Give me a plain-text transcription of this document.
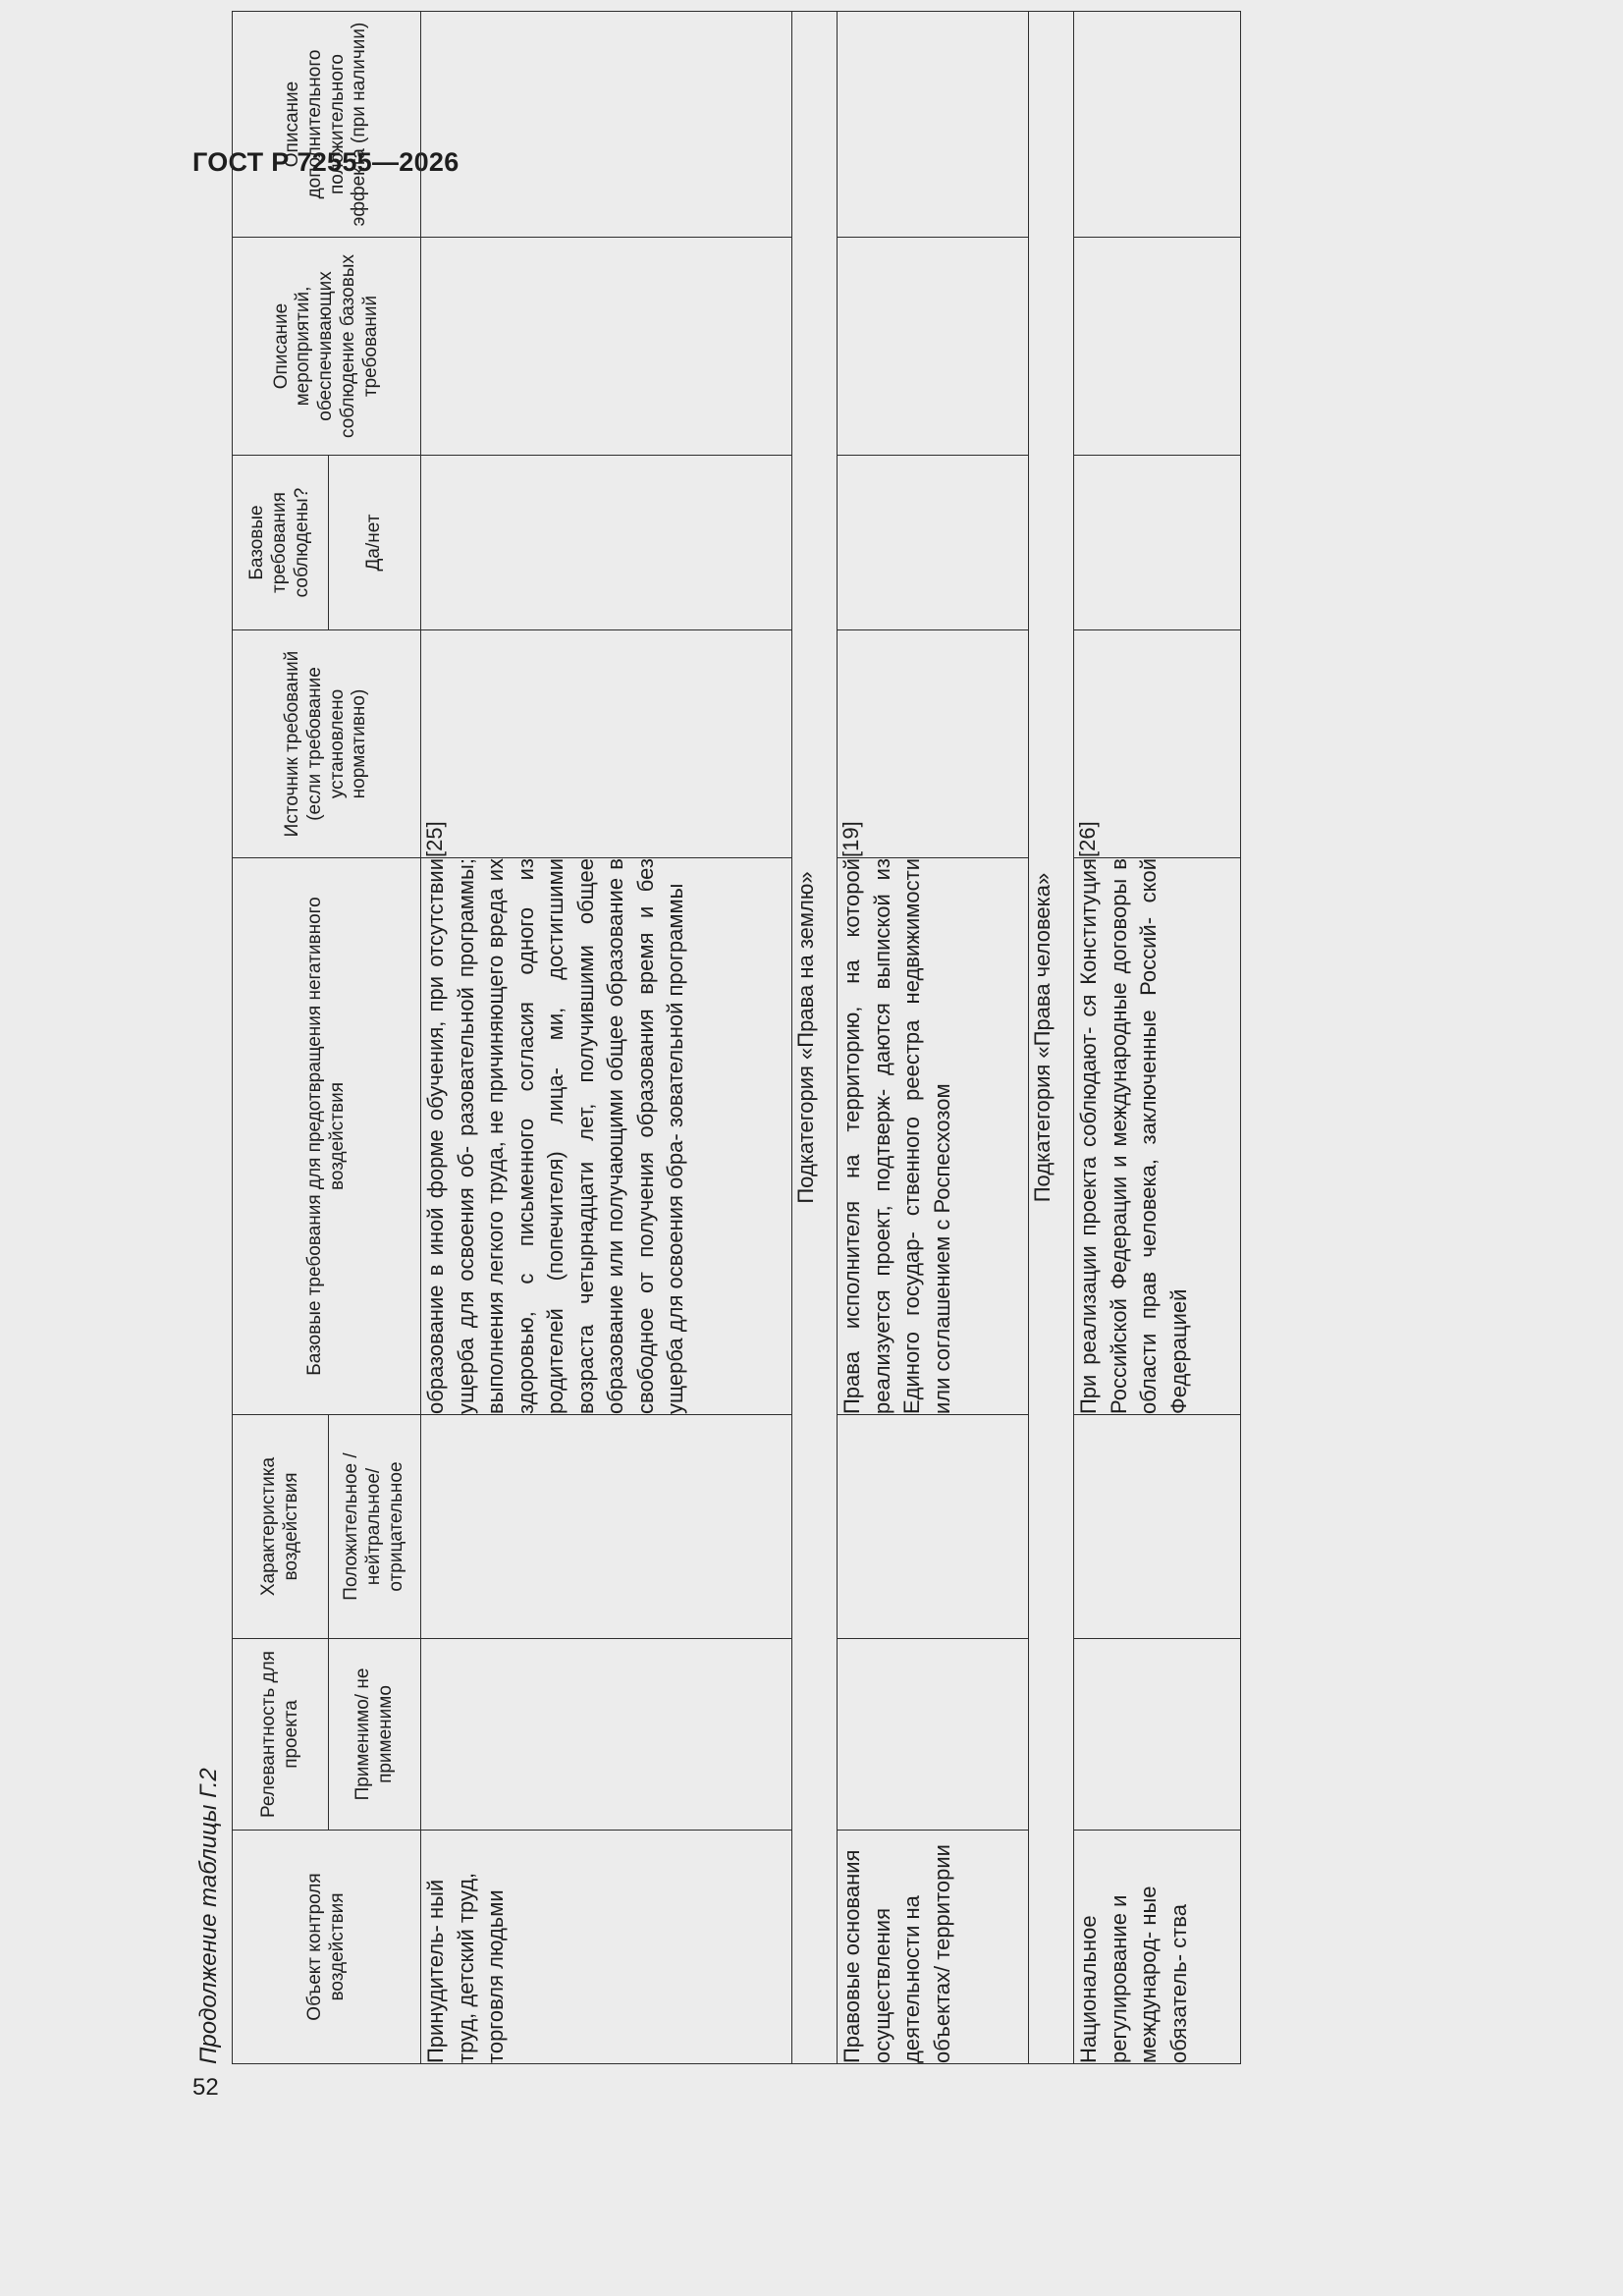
ГОСТ Р 72555—2026
Продолжение таблицы Г.2	Объект контроля воздействия	Релевантность для проекта	Характеристика воздействия	Базовые требования для предотвращения негативного воздействия	Источник требований (если требование установлено нормативно)	Базовые требования соблюдены?	Описание мероприятий, обеспечивающих соблюдение базовых требований	Описание дополнительного положительного эффекта (при наличии)
	Применимо/ не применимо	Положительное /нейтральное/ отрицательное			Да/нет		
Принудитель- ный труд, детский труд, торговля людьми			образование в иной форме обучения, при отсутствии ущерба для освоения об- разовательной программы; выполнения легкого труда, не причиняющего вреда их здоровью, с письменного согласия одного из родителей (попечителя) лица- ми, достигшими возраста четырнадцати лет, получившими общее образование или получающими общее образование в свободное от получения образования время и без ущерба для освоения обра- зовательной программы	[25]			
Подкатегория «Права на землю»							
Правовые основания осуществления деятельности на объектах/ территории			Права исполнителя на территорию, на которой реализуется проект, подтверж- даются выпиской из Единого государ- ственного реестра недвижимости или соглашением с Роспесхозом	[19]			
Подкатегория «Права человека»							
Национальное регулирование и международ- ные обязатель- ства			При реализации проекта соблюдают- ся Конституция Российской Федерации и международные договоры в области прав человека, заключенные Россий- ской Федерацией	[26]			
52
